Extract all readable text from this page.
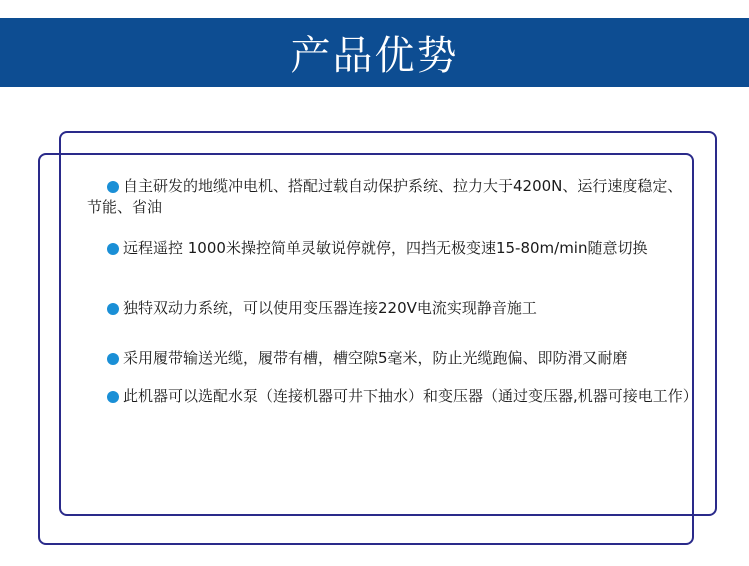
产品优势
自主研发的地缆冲电机、搭配过载自动保护系统、拉力大于4200N、运行速度稳定、节能、省油
远程遥控 1000米操控简单灵敏说停就停，四挡无极变速15-80m/min随意切换
独特双动力系统，可以使用变压器连接220V电流实现静音施工
采用履带输送光缆，履带有槽，槽空隙5毫米，防止光缆跑偏、即防滑又耐磨
此机器可以选配水泵（连接机器可井下抽水）和变压器（通过变压器,机器可接电工作）
